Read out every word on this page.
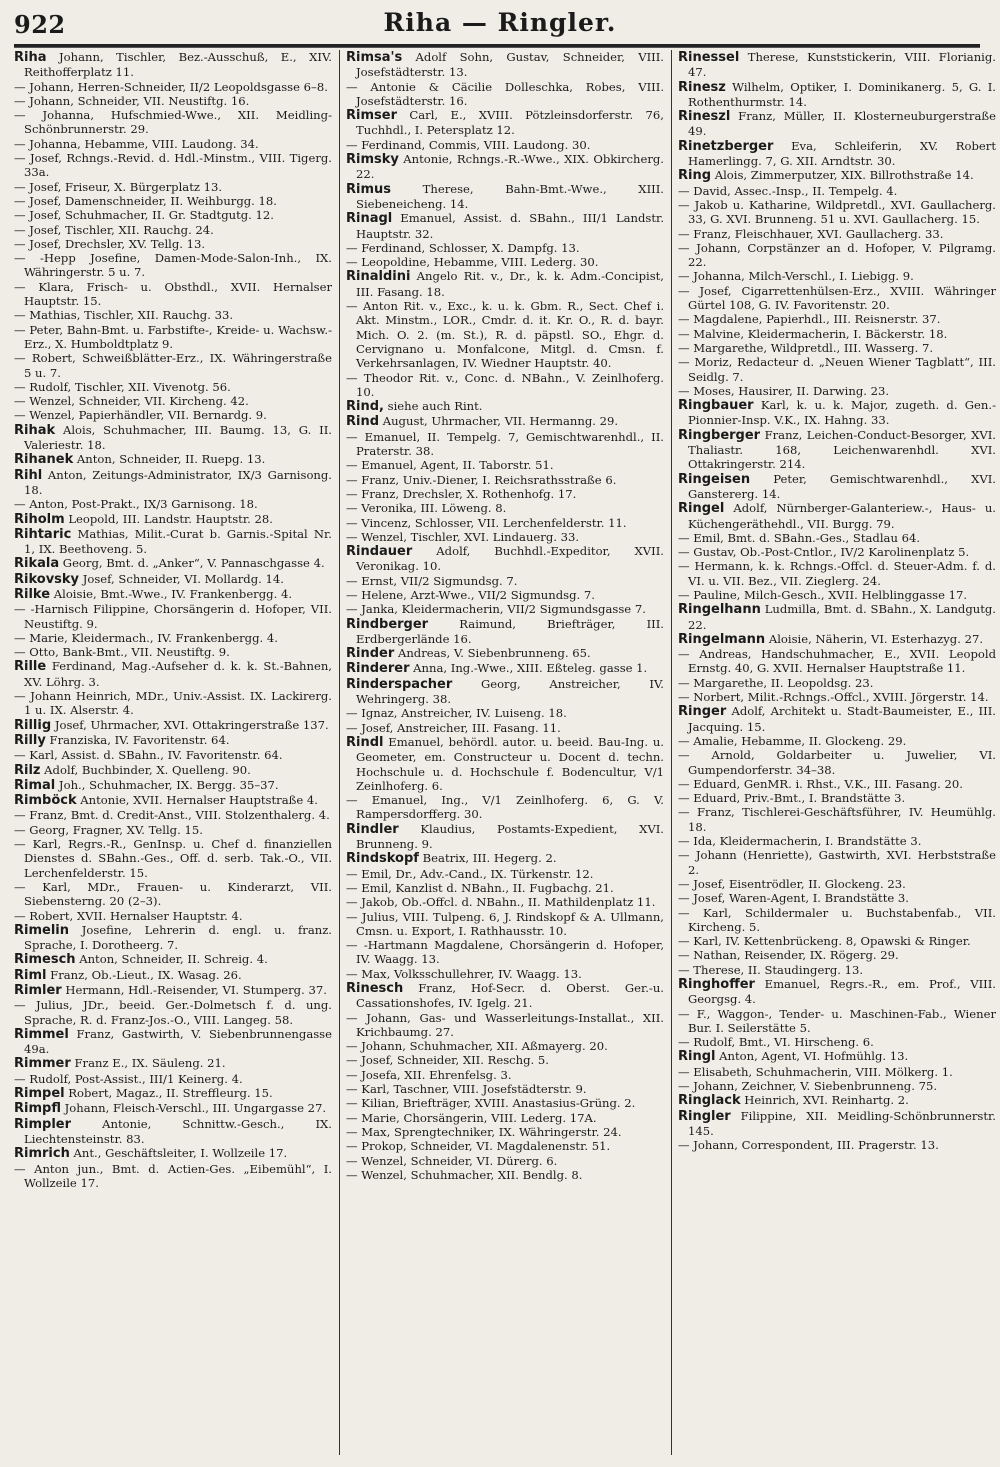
922	Riha — Ringler.

Riha Johann, Tischler, Bez.-Ausschuß, E., XIV. Reithofferplatz 11.

— Johann, Herren-Schneider, II/2 Leopoldsgasse 6–8.

— Johann, Schneider, VII. Neustiftg. 16.

— Johanna, Hufschmied-Wwe., XII. Meidling-Schönbrunnerstr. 29.

— Johanna, Hebamme, VIII. Laudong. 34.

— Josef, Rchngs.-Revid. d. Hdl.-Minstm., VIII. Tigerg. 33a.

— Josef, Friseur, X. Bürgerplatz 13.

— Josef, Damenschneider, II. Weihburgg. 18.

— Josef, Schuhmacher, II. Gr. Stadtgutg. 12.

— Josef, Tischler, XII. Rauchg. 24.

— Josef, Drechsler, XV. Tellg. 13.

— -Hepp Josefine, Damen-Mode-Salon-Inh., IX. Währingerstr. 5 u. 7.

— Klara, Frisch- u. Obsthdl., XVII. Hernalser Hauptstr. 15.

— Mathias, Tischler, XII. Rauchg. 33.

— Peter, Bahn-Bmt. u. Farbstifte-, Kreide- u. Wachsw.-Erz., X. Humboldtplatz 9.

— Robert, Schweißblätter-Erz., IX. Währingerstraße 5 u. 7.

— Rudolf, Tischler, XII. Vivenotg. 56.

— Wenzel, Schneider, VII. Kircheng. 42.

— Wenzel, Papierhändler, VII. Bernardg. 9.

Rihak Alois, Schuhmacher, III. Baumg. 13, G. II. Valeriestr. 18.

Rihanek Anton, Schneider, II. Ruepg. 13.

Rihl Anton, Zeitungs-Administrator, IX/3 Garnisong. 18.

— Anton, Post-Prakt., IX/3 Garnisong. 18.

Riholm Leopold, III. Landstr. Hauptstr. 28.

Rihtaric Mathias, Milit.-Curat b. Garnis.-Spital Nr. 1, IX. Beethoveng. 5.

Rikala Georg, Bmt. d. „Anker“, V. Pannaschgasse 4.

Rikovsky Josef, Schneider, VI. Mollardg. 14.

Rilke Aloisie, Bmt.-Wwe., IV. Frankenbergg. 4.

— -Harnisch Filippine, Chorsängerin d. Hofoper, VII. Neustiftg. 9.

— Marie, Kleidermach., IV. Frankenbergg. 4.

— Otto, Bank-Bmt., VII. Neustiftg. 9.

Rille Ferdinand, Mag.-Aufseher d. k. k. St.-Bahnen, XV. Löhrg. 3.

— Johann Heinrich, MDr., Univ.-Assist. IX. Lackirerg. 1 u. IX. Alserstr. 4.

Rillig Josef, Uhrmacher, XVI. Ottakringerstraße 137.

Rilly Franziska, IV. Favoritenstr. 64.

— Karl, Assist. d. SBahn., IV. Favoritenstr. 64.

Rilz Adolf, Buchbinder, X. Quelleng. 90.

Rimal Joh., Schuhmacher, IX. Bergg. 35–37.

Rimböck Antonie, XVII. Hernalser Hauptstraße 4.

— Franz, Bmt. d. Credit-Anst., VIII. Stolzenthalerg. 4.

— Georg, Fragner, XV. Tellg. 15.

— Karl, Regrs.-R., GenInsp. u. Chef d. finanziellen Dienstes d. SBahn.-Ges., Off. d. serb. Tak.-O., VII. Lerchenfelderstr. 15.

— Karl, MDr., Frauen- u. Kinderarzt, VII. Siebensterng. 20 (2–3).

— Robert, XVII. Hernalser Hauptstr. 4.

Rimelin Josefine, Lehrerin d. engl. u. franz. Sprache, I. Dorotheerg. 7.

Rimesch Anton, Schneider, II. Schreig. 4.

Riml Franz, Ob.-Lieut., IX. Wasag. 26.

Rimler Hermann, Hdl.-Reisender, VI. Stumperg. 37.

— Julius, JDr., beeid. Ger.-Dolmetsch f. d. ung. Sprache, R. d. Franz-Jos.-O., VIII. Langeg. 58.

Rimmel Franz, Gastwirth, V. Siebenbrunnengasse 49a.

Rimmer Franz E., IX. Säuleng. 21.

— Rudolf, Post-Assist., III/1 Keinerg. 4.

Rimpel Robert, Magaz., II. Streffleurg. 15.

Rimpfl Johann, Fleisch-Verschl., III. Ungargasse 27.

Rimpler Antonie, Schnittw.-Gesch., IX. Liechtensteinstr. 83.

Rimrich Ant., Geschäftsleiter, I. Wollzeile 17.

— Anton jun., Bmt. d. Actien-Ges. „Eibemühl“, I. Wollzeile 17.

Rimsa's Adolf Sohn, Gustav, Schneider, VIII. Josefstädterstr. 13.

— Antonie & Cäcilie Dolleschka, Robes, VIII. Josefstädterstr. 16.

Rimser Carl, E., XVIII. Pötzleinsdorferstr. 76, Tuchhdl., I. Petersplatz 12.

— Ferdinand, Commis, VIII. Laudong. 30.

Rimsky Antonie, Rchngs.-R.-Wwe., XIX. Obkircherg. 22.

Rimus Therese, Bahn-Bmt.-Wwe., XIII. Siebeneicheng. 14.

Rinagl Emanuel, Assist. d. SBahn., III/1 Landstr. Hauptstr. 32.

— Ferdinand, Schlosser, X. Dampfg. 13.

— Leopoldine, Hebamme, VIII. Lederg. 30.

Rinaldini Angelo Rit. v., Dr., k. k. Adm.-Concipist, III. Fasang. 18.

— Anton Rit. v., Exc., k. u. k. Gbm. R., Sect. Chef i. Akt. Minstm., LOR., Cmdr. d. it. Kr. O., R. d. bayr. Mich. O. 2. (m. St.), R. d. päpstl. SO., Ehgr. d. Cervignano u. Monfalcone, Mitgl. d. Cmsn. f. Verkehrsanlagen, IV. Wiedner Hauptstr. 40.

— Theodor Rit. v., Conc. d. NBahn., V. Zeinlhoferg. 10.

Rind, siehe auch Rint.

Rind August, Uhrmacher, VII. Hermanng. 29.

— Emanuel, II. Tempelg. 7, Gemischtwarenhdl., II. Praterstr. 38.

— Emanuel, Agent, II. Taborstr. 51.

— Franz, Univ.-Diener, I. Reichsrathsstraße 6.

— Franz, Drechsler, X. Rothenhofg. 17.

— Veronika, III. Löweng. 8.

— Vincenz, Schlosser, VII. Lerchenfelderstr. 11.

— Wenzel, Tischler, XVI. Lindauerg. 33.

Rindauer Adolf, Buchhdl.-Expeditor, XVII. Veronikag. 10.

— Ernst, VII/2 Sigmundsg. 7.

— Helene, Arzt-Wwe., VII/2 Sigmundsg. 7.

— Janka, Kleidermacherin, VII/2 Sigmundsgasse 7.

Rindberger Raimund, Briefträger, III. Erdbergerlände 16.

Rinder Andreas, V. Siebenbrunneng. 65.

Rinderer Anna, Ing.-Wwe., XIII. Eßteleg. gasse 1.

Rinderspacher Georg, Anstreicher, IV. Wehringerg. 38.

— Ignaz, Anstreicher, IV. Luiseng. 18.

— Josef, Anstreicher, III. Fasang. 11.

Rindl Emanuel, behördl. autor. u. beeid. Bau-Ing. u. Geometer, em. Constructeur u. Docent d. techn. Hochschule u. d. Hochschule f. Bodencultur, V/1 Zeinlhoferg. 6.

— Emanuel, Ing., V/1 Zeinlhoferg. 6, G. V. Rampersdorfferg. 30.

Rindler Klaudius, Postamts-Expedient, XVI. Brunneng. 9.

Rindskopf Beatrix, III. Hegerg. 2.

— Emil, Dr., Adv.-Cand., IX. Türkenstr. 12.

— Emil, Kanzlist d. NBahn., II. Fugbachg. 21.

— Jakob, Ob.-Offcl. d. NBahn., II. Mathildenplatz 11.

— Julius, VIII. Tulpeng. 6, J. Rindskopf & A. Ullmann, Cmsn. u. Export, I. Rathhausstr. 10.

— -Hartmann Magdalene, Chorsängerin d. Hofoper, IV. Waagg. 13.

— Max, Volksschullehrer, IV. Waagg. 13.

Rinesch Franz, Hof-Secr. d. Oberst. Ger.-u. Cassationshofes, IV. Igelg. 21.

— Johann, Gas- und Wasserleitungs-Installat., XII. Krichbaumg. 27.

— Johann, Schuhmacher, XII. Aßmayerg. 20.

— Josef, Schneider, XII. Reschg. 5.

— Josefa, XII. Ehrenfelsg. 3.

— Karl, Taschner, VIII. Josefstädterstr. 9.

— Kilian, Briefträger, XVIII. Anastasius-Grüng. 2.

— Marie, Chorsängerin, VIII. Lederg. 17A.

— Max, Sprengtechniker, IX. Währingerstr. 24.

— Prokop, Schneider, VI. Magdalenenstr. 51.

— Wenzel, Schneider, VI. Dürerg. 6.

— Wenzel, Schuhmacher, XII. Bendlg. 8.

Rinessel Therese, Kunststickerin, VIII. Florianig. 47.

Rinesz Wilhelm, Optiker, I. Dominikanerg. 5, G. I. Rothenthurmstr. 14.

Rineszl Franz, Müller, II. Klosterneuburgerstraße 49.

Rinetzberger Eva, Schleiferin, XV. Robert Hamerlingg. 7, G. XII. Arndtstr. 30.

Ring Alois, Zimmerputzer, XIX. Billrothstraße 14.

— David, Assec.-Insp., II. Tempelg. 4.

— Jakob u. Katharine, Wildpretdl., XVI. Gaullacherg. 33, G. XVI. Brunneng. 51 u. XVI. Gaullacherg. 15.

— Franz, Fleischhauer, XVI. Gaullacherg. 33.

— Johann, Corpstänzer an d. Hofoper, V. Pilgramg. 22.

— Johanna, Milch-Verschl., I. Liebigg. 9.

— Josef, Cigarrettenhülsen-Erz., XVIII. Währinger Gürtel 108, G. IV. Favoritenstr. 20.

— Magdalene, Papierhdl., III. Reisnerstr. 37.

— Malvine, Kleidermacherin, I. Bäckerstr. 18.

— Margarethe, Wildpretdl., III. Wasserg. 7.

— Moriz, Redacteur d. „Neuen Wiener Tagblatt“, III. Seidlg. 7.

— Moses, Hausirer, II. Darwing. 23.

Ringbauer Karl, k. u. k. Major, zugeth. d. Gen.-Pionnier-Insp. V.K., IX. Hahng. 33.

Ringberger Franz, Leichen-Conduct-Besorger, XVI. Thaliastr. 168, Leichenwarenhdl. XVI. Ottakringerstr. 214.

Ringeisen Peter, Gemischtwarenhdl., XVI. Ganstererg. 14.

Ringel Adolf, Nürnberger-Galanteriew.-, Haus- u. Küchengeräthehdl., VII. Burgg. 79.

— Emil, Bmt. d. SBahn.-Ges., Stadlau 64.

— Gustav, Ob.-Post-Cntlor., IV/2 Karolinenplatz 5.

— Hermann, k. k. Rchngs.-Offcl. d. Steuer-Adm. f. d. VI. u. VII. Bez., VII. Zieglerg. 24.

— Pauline, Milch-Gesch., XVII. Helblinggasse 17.

Ringelhann Ludmilla, Bmt. d. SBahn., X. Landgutg. 22.

Ringelmann Aloisie, Näherin, VI. Esterhazyg. 27.

— Andreas, Handschuhmacher, E., XVII. Leopold Ernstg. 40, G. XVII. Hernalser Hauptstraße 11.

— Margarethe, II. Leopoldsg. 23.

— Norbert, Milit.-Rchngs.-Offcl., XVIII. Jörgerstr. 14.

Ringer Adolf, Architekt u. Stadt-Baumeister, E., III. Jacquing. 15.

— Amalie, Hebamme, II. Glockeng. 29.

— Arnold, Goldarbeiter u. Juwelier, VI. Gumpendorferstr. 34–38.

— Eduard, GenMR. i. Rhst., V.K., III. Fasang. 20.

— Eduard, Priv.-Bmt., I. Brandstätte 3.

— Franz, Tischlerei-Geschäftsführer, IV. Heumühlg. 18.

— Ida, Kleidermacherin, I. Brandstätte 3.

— Johann (Henriette), Gastwirth, XVI. Herbststraße 2.

— Josef, Eisentrödler, II. Glockeng. 23.

— Josef, Waren-Agent, I. Brandstätte 3.

— Karl, Schildermaler u. Buchstabenfab., VII. Kircheng. 5.

— Karl, IV. Kettenbrückeng. 8, Opawski & Ringer.

— Nathan, Reisender, IX. Rögerg. 29.

— Therese, II. Staudingerg. 13.

Ringhoffer Emanuel, Regrs.-R., em. Prof., VIII. Georgsg. 4.

— F., Waggon-, Tender- u. Maschinen-Fab., Wiener Bur. I. Seilerstätte 5.

— Rudolf, Bmt., VI. Hirscheng. 6.

Ringl Anton, Agent, VI. Hofmühlg. 13.

— Elisabeth, Schuhmacherin, VIII. Mölkerg. 1.

— Johann, Zeichner, V. Siebenbrunneng. 75.

Ringlack Heinrich, XVI. Reinhartg. 2.

Ringler Filippine, XII. Meidling-Schönbrunnerstr. 145.

— Johann, Correspondent, III. Pragerstr. 13.
